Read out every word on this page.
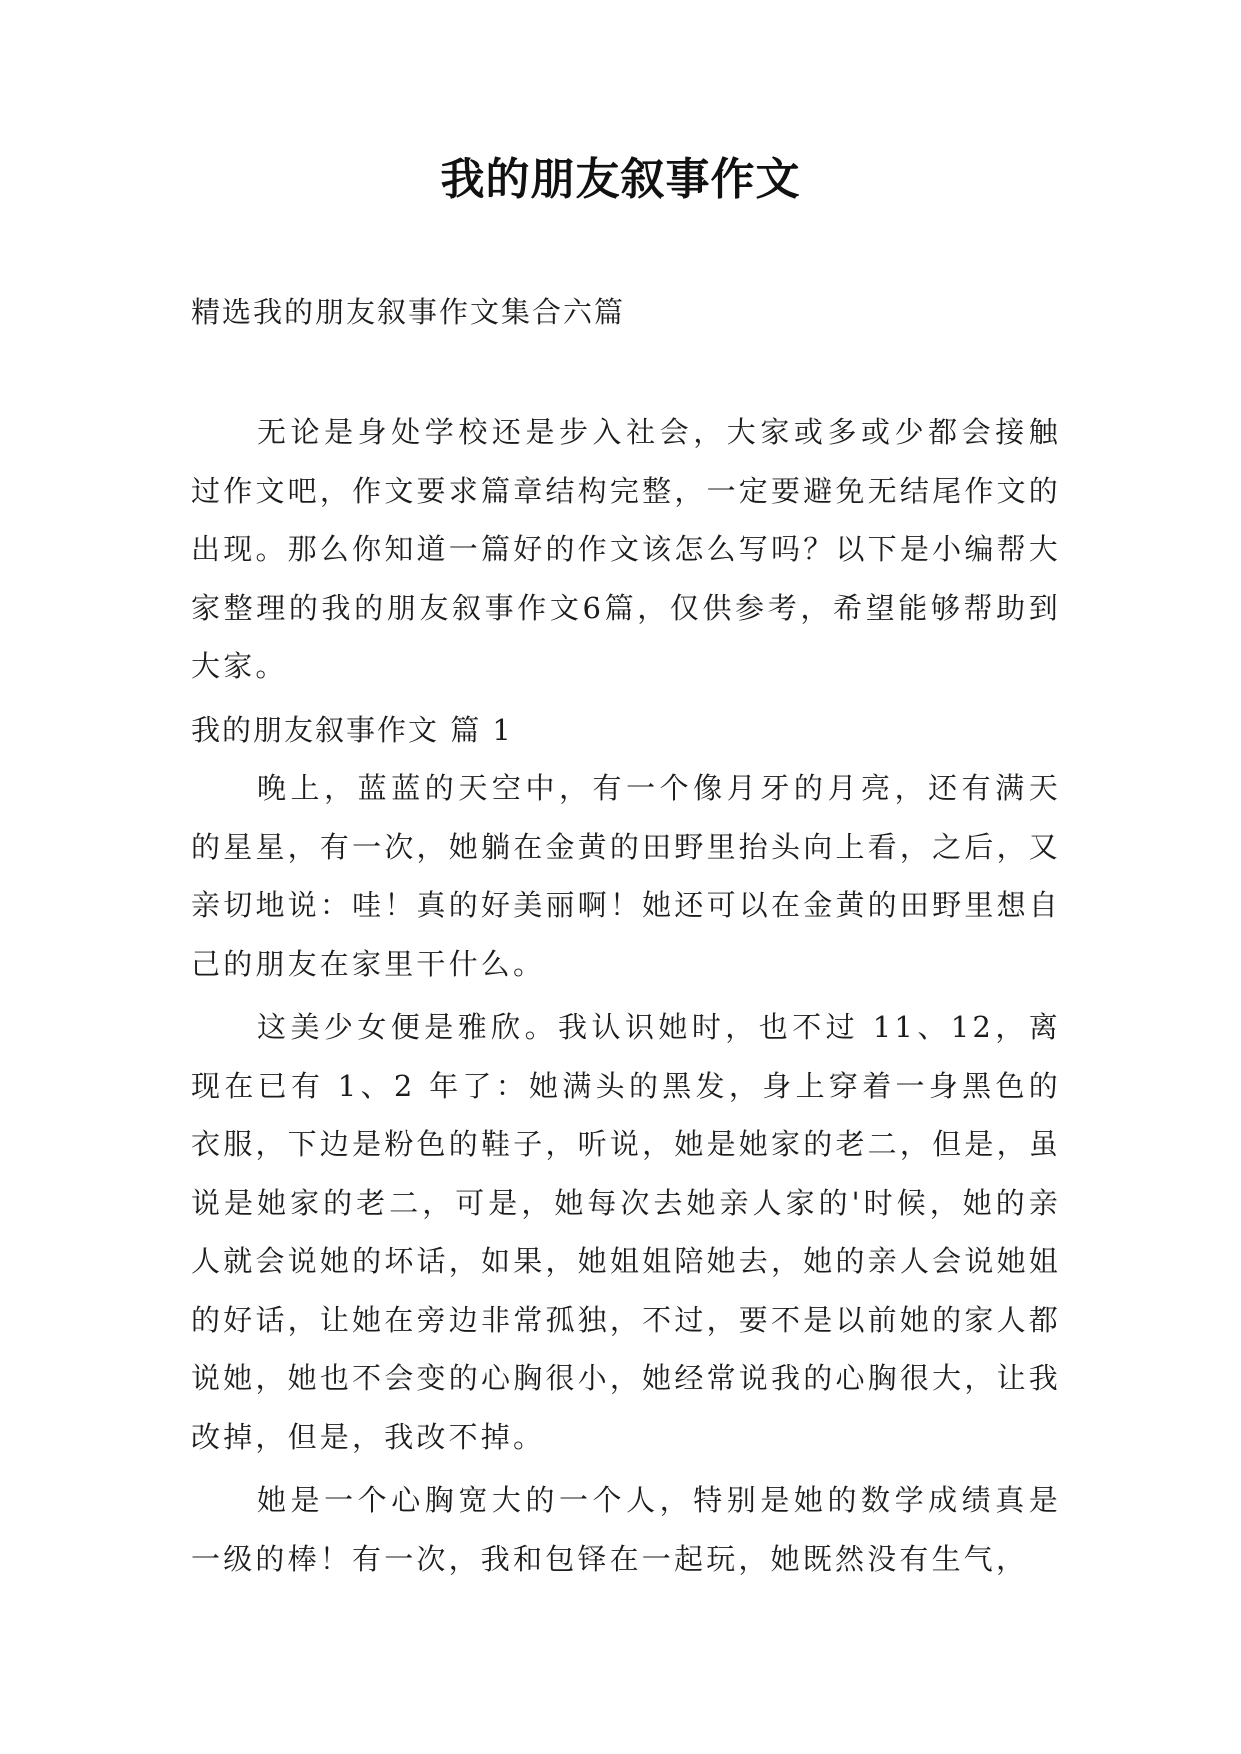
我的朋友叙事作文

精选我的朋友叙事作文集合六篇

无论是身处学校还是步入社会，大家或多或少都会接触过作文吧，作文要求篇章结构完整，一定要避免无结尾作文的出现。那么你知道一篇好的作文该怎么写吗？以下是小编帮大家整理的我的朋友叙事作文6篇，仅供参考，希望能够帮助到大家。

我的朋友叙事作文 篇 1

晚上，蓝蓝的天空中，有一个像月牙的月亮，还有满天的星星，有一次，她躺在金黄的田野里抬头向上看，之后，又亲切地说：哇！真的好美丽啊！她还可以在金黄的田野里想自己的朋友在家里干什么。

这美少女便是雅欣。我认识她时，也不过 11、12，离现在已有 1、2 年了：她满头的黑发，身上穿着一身黑色的衣服，下边是粉色的鞋子，听说，她是她家的老二，但是，虽说是她家的老二，可是，她每次去她亲人家的'时候，她的亲人就会说她的坏话，如果，她姐姐陪她去，她的亲人会说她姐的好话，让她在旁边非常孤独，不过，要不是以前她的家人都说她，她也不会变的心胸很小，她经常说我的心胸很大，让我改掉，但是，我改不掉。

她是一个心胸宽大的一个人，特别是她的数学成绩真是一级的棒！有一次，我和包铎在一起玩，她既然没有生气，
